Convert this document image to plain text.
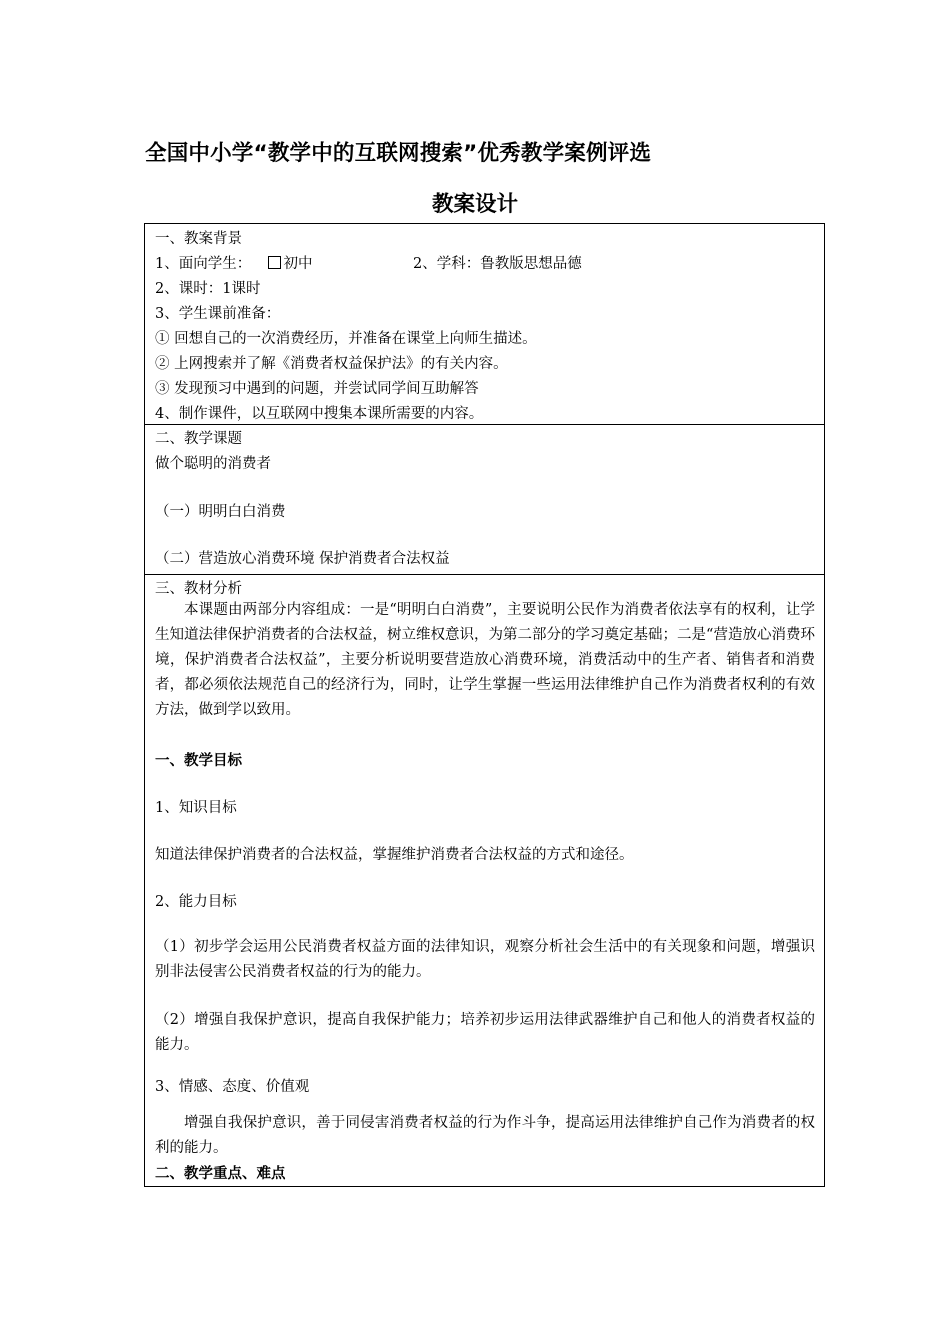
全国中小学“教学中的互联网搜索”优秀教学案例评选
教案设计
一、教案背景
1、面向学生： 初中	2、学科：鲁教版思想品德
2、课时：1课时
3、学生课前准备：
① 回想自己的一次消费经历，并准备在课堂上向师生描述。
② 上网搜索并了解《消费者权益保护法》的有关内容。
③ 发现预习中遇到的问题，并尝试同学间互助解答
4、制作课件，以互联网中搜集本课所需要的内容。
二、教学课题
做个聪明的消费者
（一）明明白白消费
（二）营造放心消费环境 保护消费者合法权益
三、教材分析
本课题由两部分内容组成：一是“明明白白消费”，主要说明公民作为消费者依法享有的权利，让学生知道法律保护消费者的合法权益，树立维权意识，为第二部分的学习奠定基础；二是“营造放心消费环境，保护消费者合法权益”，主要分析说明要营造放心消费环境，消费活动中的生产者、销售者和消费者，都必须依法规范自己的经济行为，同时，让学生掌握一些运用法律维护自己作为消费者权利的有效方法，做到学以致用。
一、教学目标
1、知识目标
知道法律保护消费者的合法权益，掌握维护消费者合法权益的方式和途径。
2、能力目标
（1）初步学会运用公民消费者权益方面的法律知识，观察分析社会生活中的有关现象和问题，增强识别非法侵害公民消费者权益的行为的能力。
（2）增强自我保护意识，提高自我保护能力；培养初步运用法律武器维护自己和他人的消费者权益的能力。
3、情感、态度、价值观
增强自我保护意识，善于同侵害消费者权益的行为作斗争，提高运用法律维护自己作为消费者的权利的能力。
二、教学重点、难点
